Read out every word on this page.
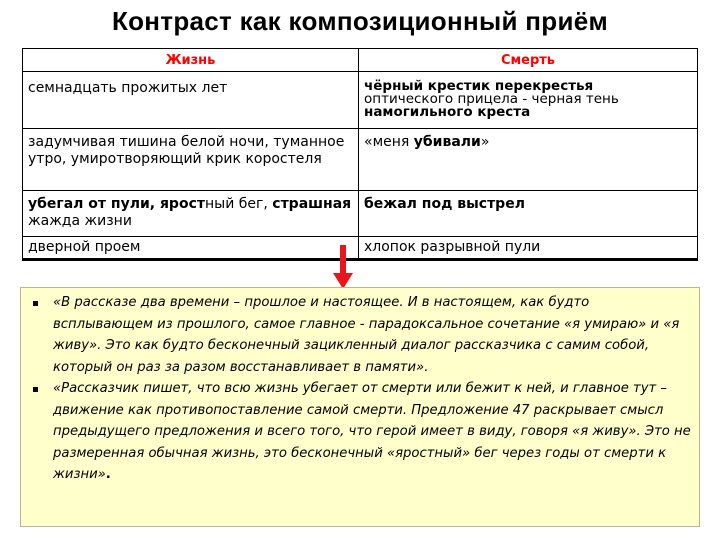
Контраст как композиционный приём
Жизнь	Смерть
семнадцать прожитых лет	чёрный крестик перекрестья
оптического прицела - черная тень
намогильного креста
задумчивая тишина белой ночи, туманное утро, умиротворяющий крик коростеля	«меня убивали»
убегал от пули, яростный бег, страшная жажда жизни	бежал под выстрел
дверной проем	хлопок разрывной пули
«В рассказе два времени – прошлое и настоящее. И в настоящем, как будто всплывающем из прошлого, самое главное - парадоксальное сочетание «я умираю» и «я живу». Это как будто бесконечный зацикленный диалог рассказчика с самим собой, который он раз за разом восстанавливает в памяти».
«Рассказчик пишет, что всю жизнь убегает от смерти или бежит к ней, и главное тут – движение как противопоставление самой смерти. Предложение 47 раскрывает смысл предыдущего предложения и всего того, что герой имеет в виду, говоря «я живу». Это не размеренная обычная жизнь, это бесконечный «яростный» бег через годы от смерти к жизни».
